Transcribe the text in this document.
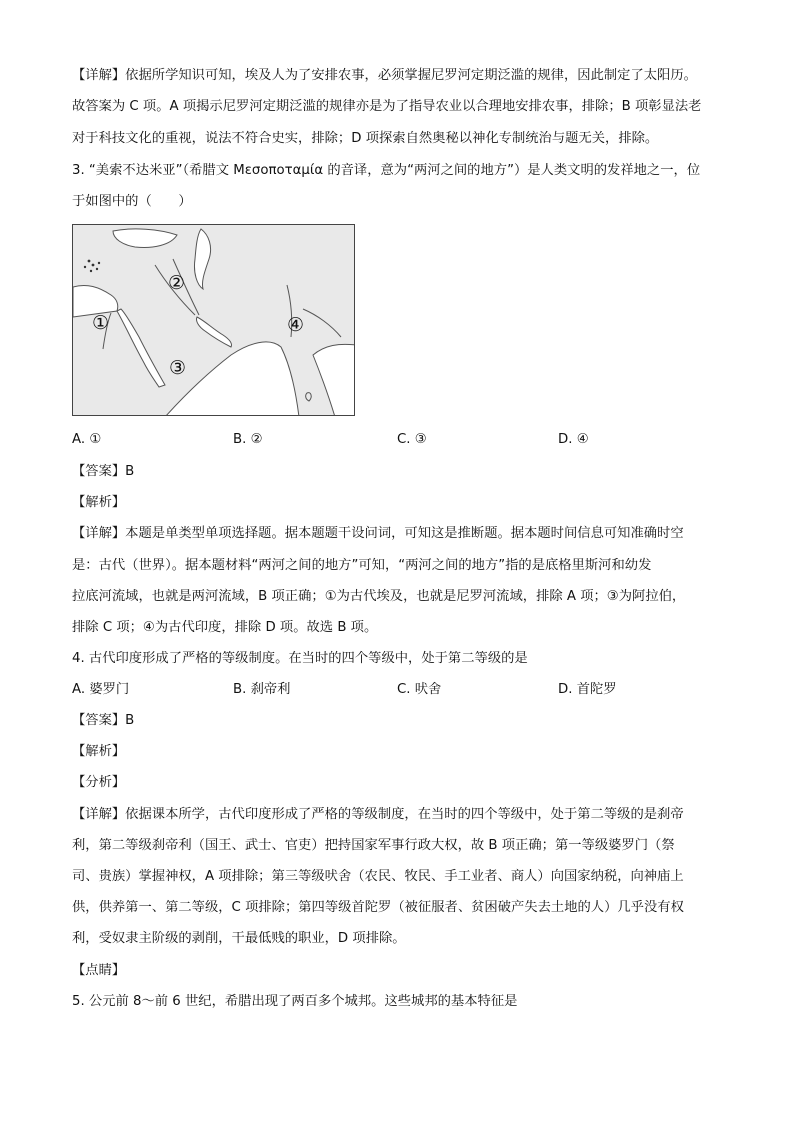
【详解】依据所学知识可知，埃及人为了安排农事，必须掌握尼罗河定期泛滥的规律，因此制定了太阳历。
故答案为 C 项。A 项揭示尼罗河定期泛滥的规律亦是为了指导农业以合理地安排农事，排除；B 项彰显法老
对于科技文化的重视，说法不符合史实，排除；D 项探索自然奥秘以神化专制统治与题无关，排除。
3. “美索不达米亚”（希腊文 Μεσοποταμία 的音译，意为“两河之间的地方”）是人类文明的发祥地之一，位
于如图中的（　　）
②
①	④
③
A. ①	B. ②	C. ③	D. ④
【答案】B
【解析】
【详解】本题是单类型单项选择题。据本题题干设问词，可知这是推断题。据本题时间信息可知准确时空
是：古代（世界）。据本题材料“两河之间的地方”可知，“两河之间的地方”指的是底格里斯河和幼发
拉底河流域，也就是两河流域，B 项正确；①为古代埃及，也就是尼罗河流域，排除 A 项；③为阿拉伯，
排除 C 项；④为古代印度，排除 D 项。故选 B 项。
4. 古代印度形成了严格的等级制度。在当时的四个等级中，处于第二等级的是
A. 婆罗门	B. 刹帝利	C. 吠舍	D. 首陀罗
【答案】B
【解析】
【分析】
【详解】依据课本所学，古代印度形成了严格的等级制度，在当时的四个等级中，处于第二等级的是刹帝
利，第二等级刹帝利（国王、武士、官吏）把持国家军事行政大权，故 B 项正确；第一等级婆罗门（祭
司、贵族）掌握神权，A 项排除；第三等级吠舍（农民、牧民、手工业者、商人）向国家纳税，向神庙上
供，供养第一、第二等级，C 项排除；第四等级首陀罗（被征服者、贫困破产失去土地的人）几乎没有权
利，受奴隶主阶级的剥削，干最低贱的职业，D 项排除。
【点睛】
5. 公元前 8～前 6 世纪，希腊出现了两百多个城邦。这些城邦的基本特征是
